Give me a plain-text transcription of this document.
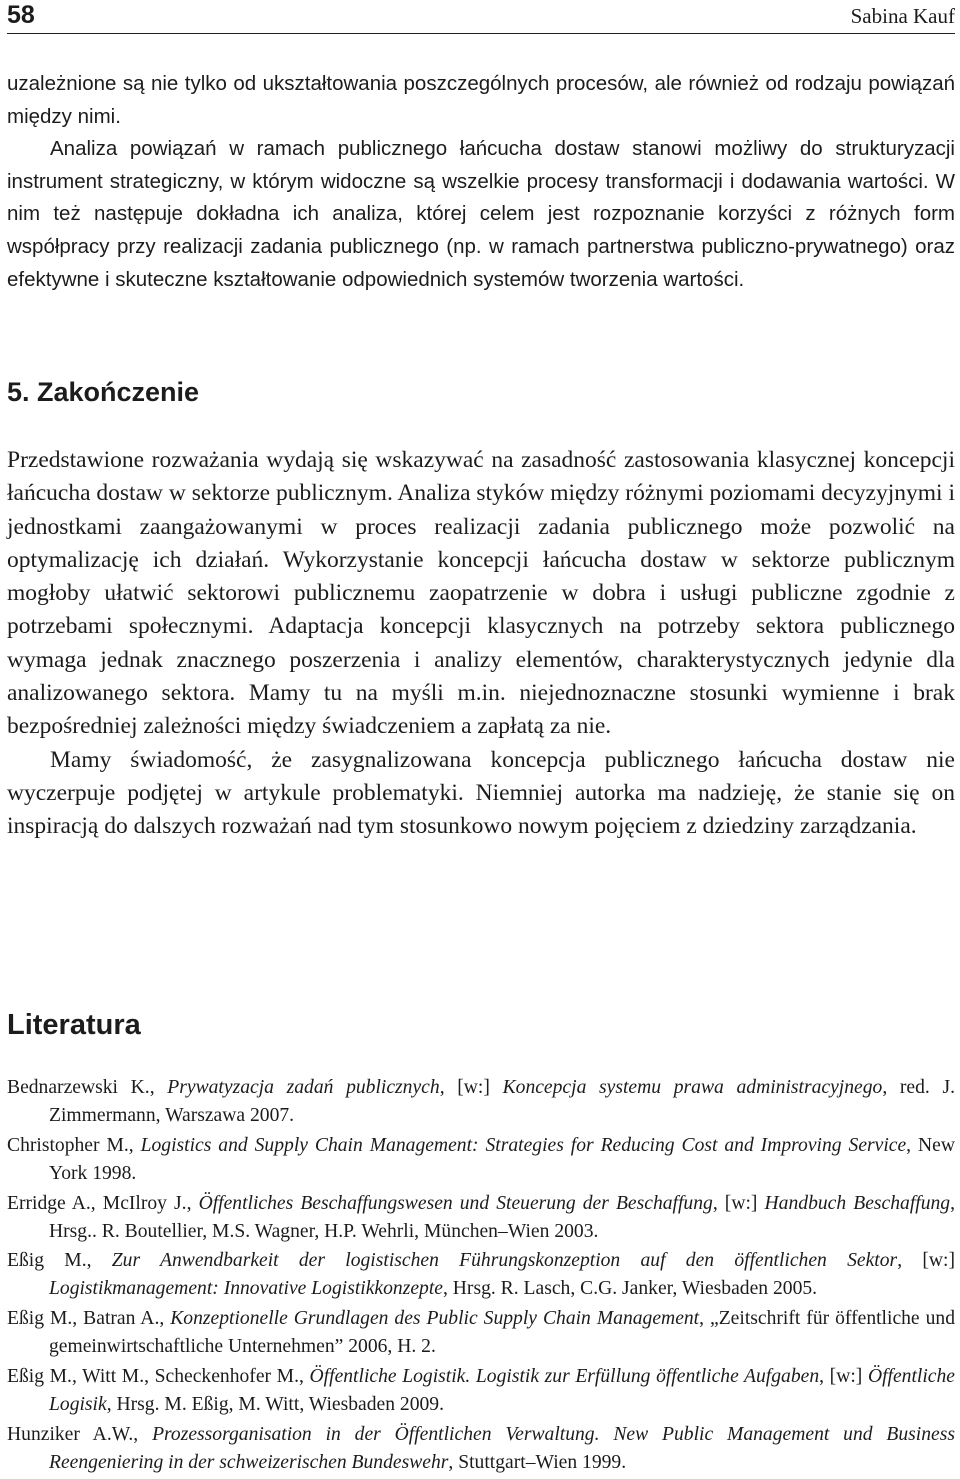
58	Sabina Kauf

uzależnione są nie tylko od ukształtowania poszczególnych procesów, ale również od rodzaju powiązań między nimi.

Analiza powiązań w ramach publicznego łańcucha dostaw stanowi możliwy do strukturyzacji instrument strategiczny, w którym widoczne są wszelkie procesy transformacji i dodawania wartości. W nim też następuje dokładna ich analiza, której celem jest rozpoznanie korzyści z różnych form współpracy przy realizacji zadania publicznego (np. w ramach partnerstwa publiczno-prywatnego) oraz efektywne i skuteczne kształtowanie odpowiednich systemów tworzenia wartości.

5. Zakończenie

Przedstawione rozważania wydają się wskazywać na zasadność zastosowania klasycznej koncepcji łańcucha dostaw w sektorze publicznym. Analiza styków między różnymi poziomami decyzyjnymi i jednostkami zaangażowanymi w proces realizacji zadania publicznego może pozwolić na optymalizację ich działań. Wykorzystanie koncepcji łańcucha dostaw w sektorze publicznym mogłoby ułatwić sektorowi publicznemu zaopatrzenie w dobra i usługi publiczne zgodnie z potrzebami społecznymi. Adaptacja koncepcji klasycznych na potrzeby sektora publicznego wymaga jednak znacznego poszerzenia i analizy elementów, charakterystycznych jedynie dla analizowanego sektora. Mamy tu na myśli m.in. niejednoznaczne stosunki wymienne i brak bezpośredniej zależności między świadczeniem a zapłatą za nie.

Mamy świadomość, że zasygnalizowana koncepcja publicznego łańcucha dostaw nie wyczerpuje podjętej w artykule problematyki. Niemniej autorka ma nadzieję, że stanie się on inspiracją do dalszych rozważań nad tym stosunkowo nowym pojęciem z dziedziny zarządzania.

Literatura

Bednarzewski K., Prywatyzacja zadań publicznych, [w:] Koncepcja systemu prawa administracyjnego, red. J. Zimmermann, Warszawa 2007.

Christopher M., Logistics and Supply Chain Management: Strategies for Reducing Cost and Improving Service, New York 1998.

Erridge A., McIlroy J., Öffentliches Beschaffungswesen und Steuerung der Beschaffung, [w:] Handbuch Beschaffung, Hrsg.. R. Boutellier, M.S. Wagner, H.P. Wehrli, München–Wien 2003.

Eßig M., Zur Anwendbarkeit der logistischen Führungskonzeption auf den öffentlichen Sektor, [w:] Logistikmanagement: Innovative Logistikkonzepte, Hrsg. R. Lasch, C.G. Janker, Wiesbaden 2005.

Eßig M., Batran A., Konzeptionelle Grundlagen des Public Supply Chain Management, „Zeitschrift für öffentliche und gemeinwirtschaftliche Unternehmen” 2006, H. 2.

Eßig M., Witt M., Scheckenhofer M., Öffentliche Logistik. Logistik zur Erfüllung öffentliche Aufgaben, [w:] Öffentliche Logisik, Hrsg. M. Eßig, M. Witt, Wiesbaden 2009.

Hunziker A.W., Prozessorganisation in der Öffentlichen Verwaltung. New Public Management und Business Reengeniering in der schweizerischen Bundeswehr, Stuttgart–Wien 1999.
